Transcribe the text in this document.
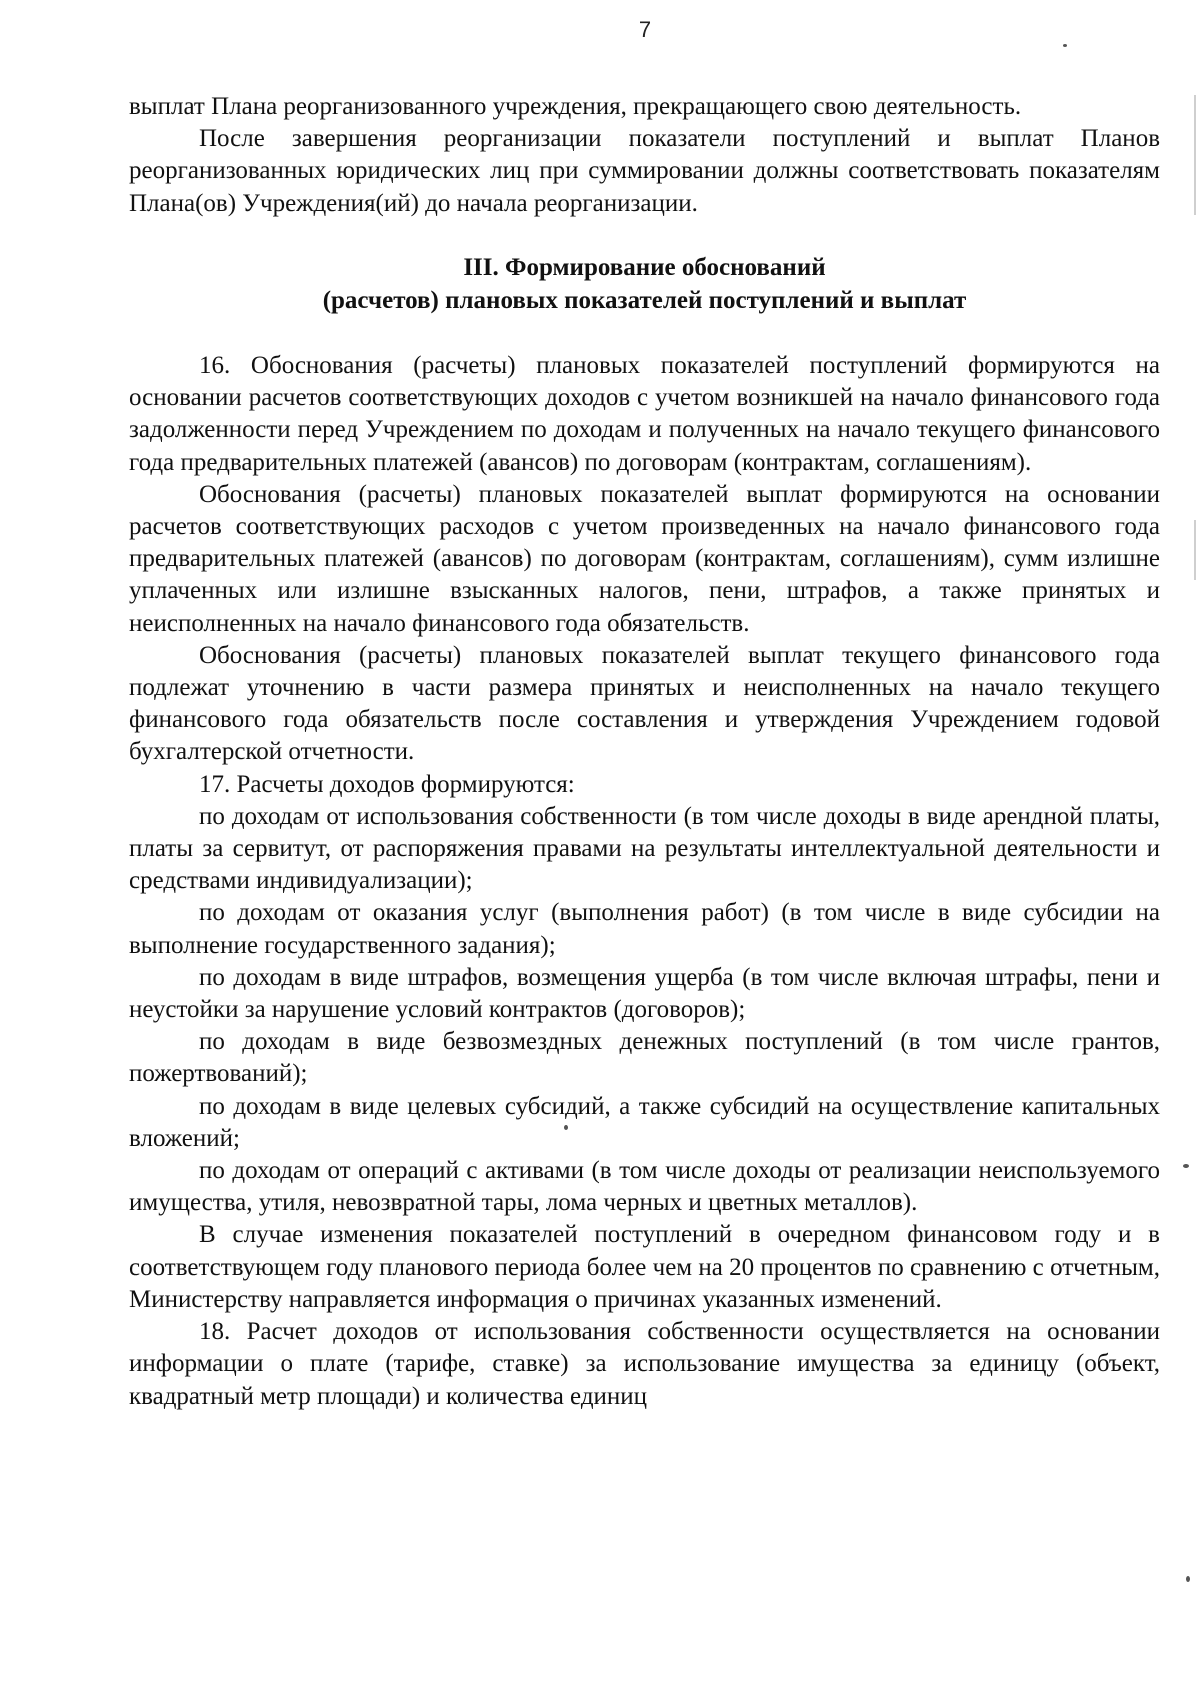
7

выплат Плана реорганизованного учреждения, прекращающего свою деятельность.

После завершения реорганизации показатели поступлений и выплат Планов реорганизованных юридических лиц при суммировании должны соответствовать показателям Плана(ов) Учреждения(ий) до начала реорганизации.

III. Формирование обоснований
(расчетов) плановых показателей поступлений и выплат

16. Обоснования (расчеты) плановых показателей поступлений формируются на основании расчетов соответствующих доходов с учетом возникшей на начало финансового года задолженности перед Учреждением по доходам и полученных на начало текущего финансового года предварительных платежей (авансов) по договорам (контрактам, соглашениям).

Обоснования (расчеты) плановых показателей выплат формируются на основании расчетов соответствующих расходов с учетом произведенных на начало финансового года предварительных платежей (авансов) по договорам (контрактам, соглашениям), сумм излишне уплаченных или излишне взысканных налогов, пени, штрафов, а также принятых и неисполненных на начало финансового года обязательств.

Обоснования (расчеты) плановых показателей выплат текущего финансового года подлежат уточнению в части размера принятых и неисполненных на начало текущего финансового года обязательств после составления и утверждения Учреждением годовой бухгалтерской отчетности.

17. Расчеты доходов формируются:

по доходам от использования собственности (в том числе доходы в виде арендной платы, платы за сервитут, от распоряжения правами на результаты интеллектуальной деятельности и средствами индивидуализации);

по доходам от оказания услуг (выполнения работ) (в том числе в виде субсидии на выполнение государственного задания);

по доходам в виде штрафов, возмещения ущерба (в том числе включая штрафы, пени и неустойки за нарушение условий контрактов (договоров);

по доходам в виде безвозмездных денежных поступлений (в том числе грантов, пожертвований);

по доходам в виде целевых субсидий, а также субсидий на осуществление капитальных вложений;

по доходам от операций с активами (в том числе доходы от реализации неиспользуемого имущества, утиля, невозвратной тары, лома черных и цветных металлов).

В случае изменения показателей поступлений в очередном финансовом году и в соответствующем году планового периода более чем на 20 процентов по сравнению с отчетным, Министерству направляется информация о причинах указанных изменений.

18. Расчет доходов от использования собственности осуществляется на основании информации о плате (тарифе, ставке) за использование имущества за единицу (объект, квадратный метр площади) и количества единиц
